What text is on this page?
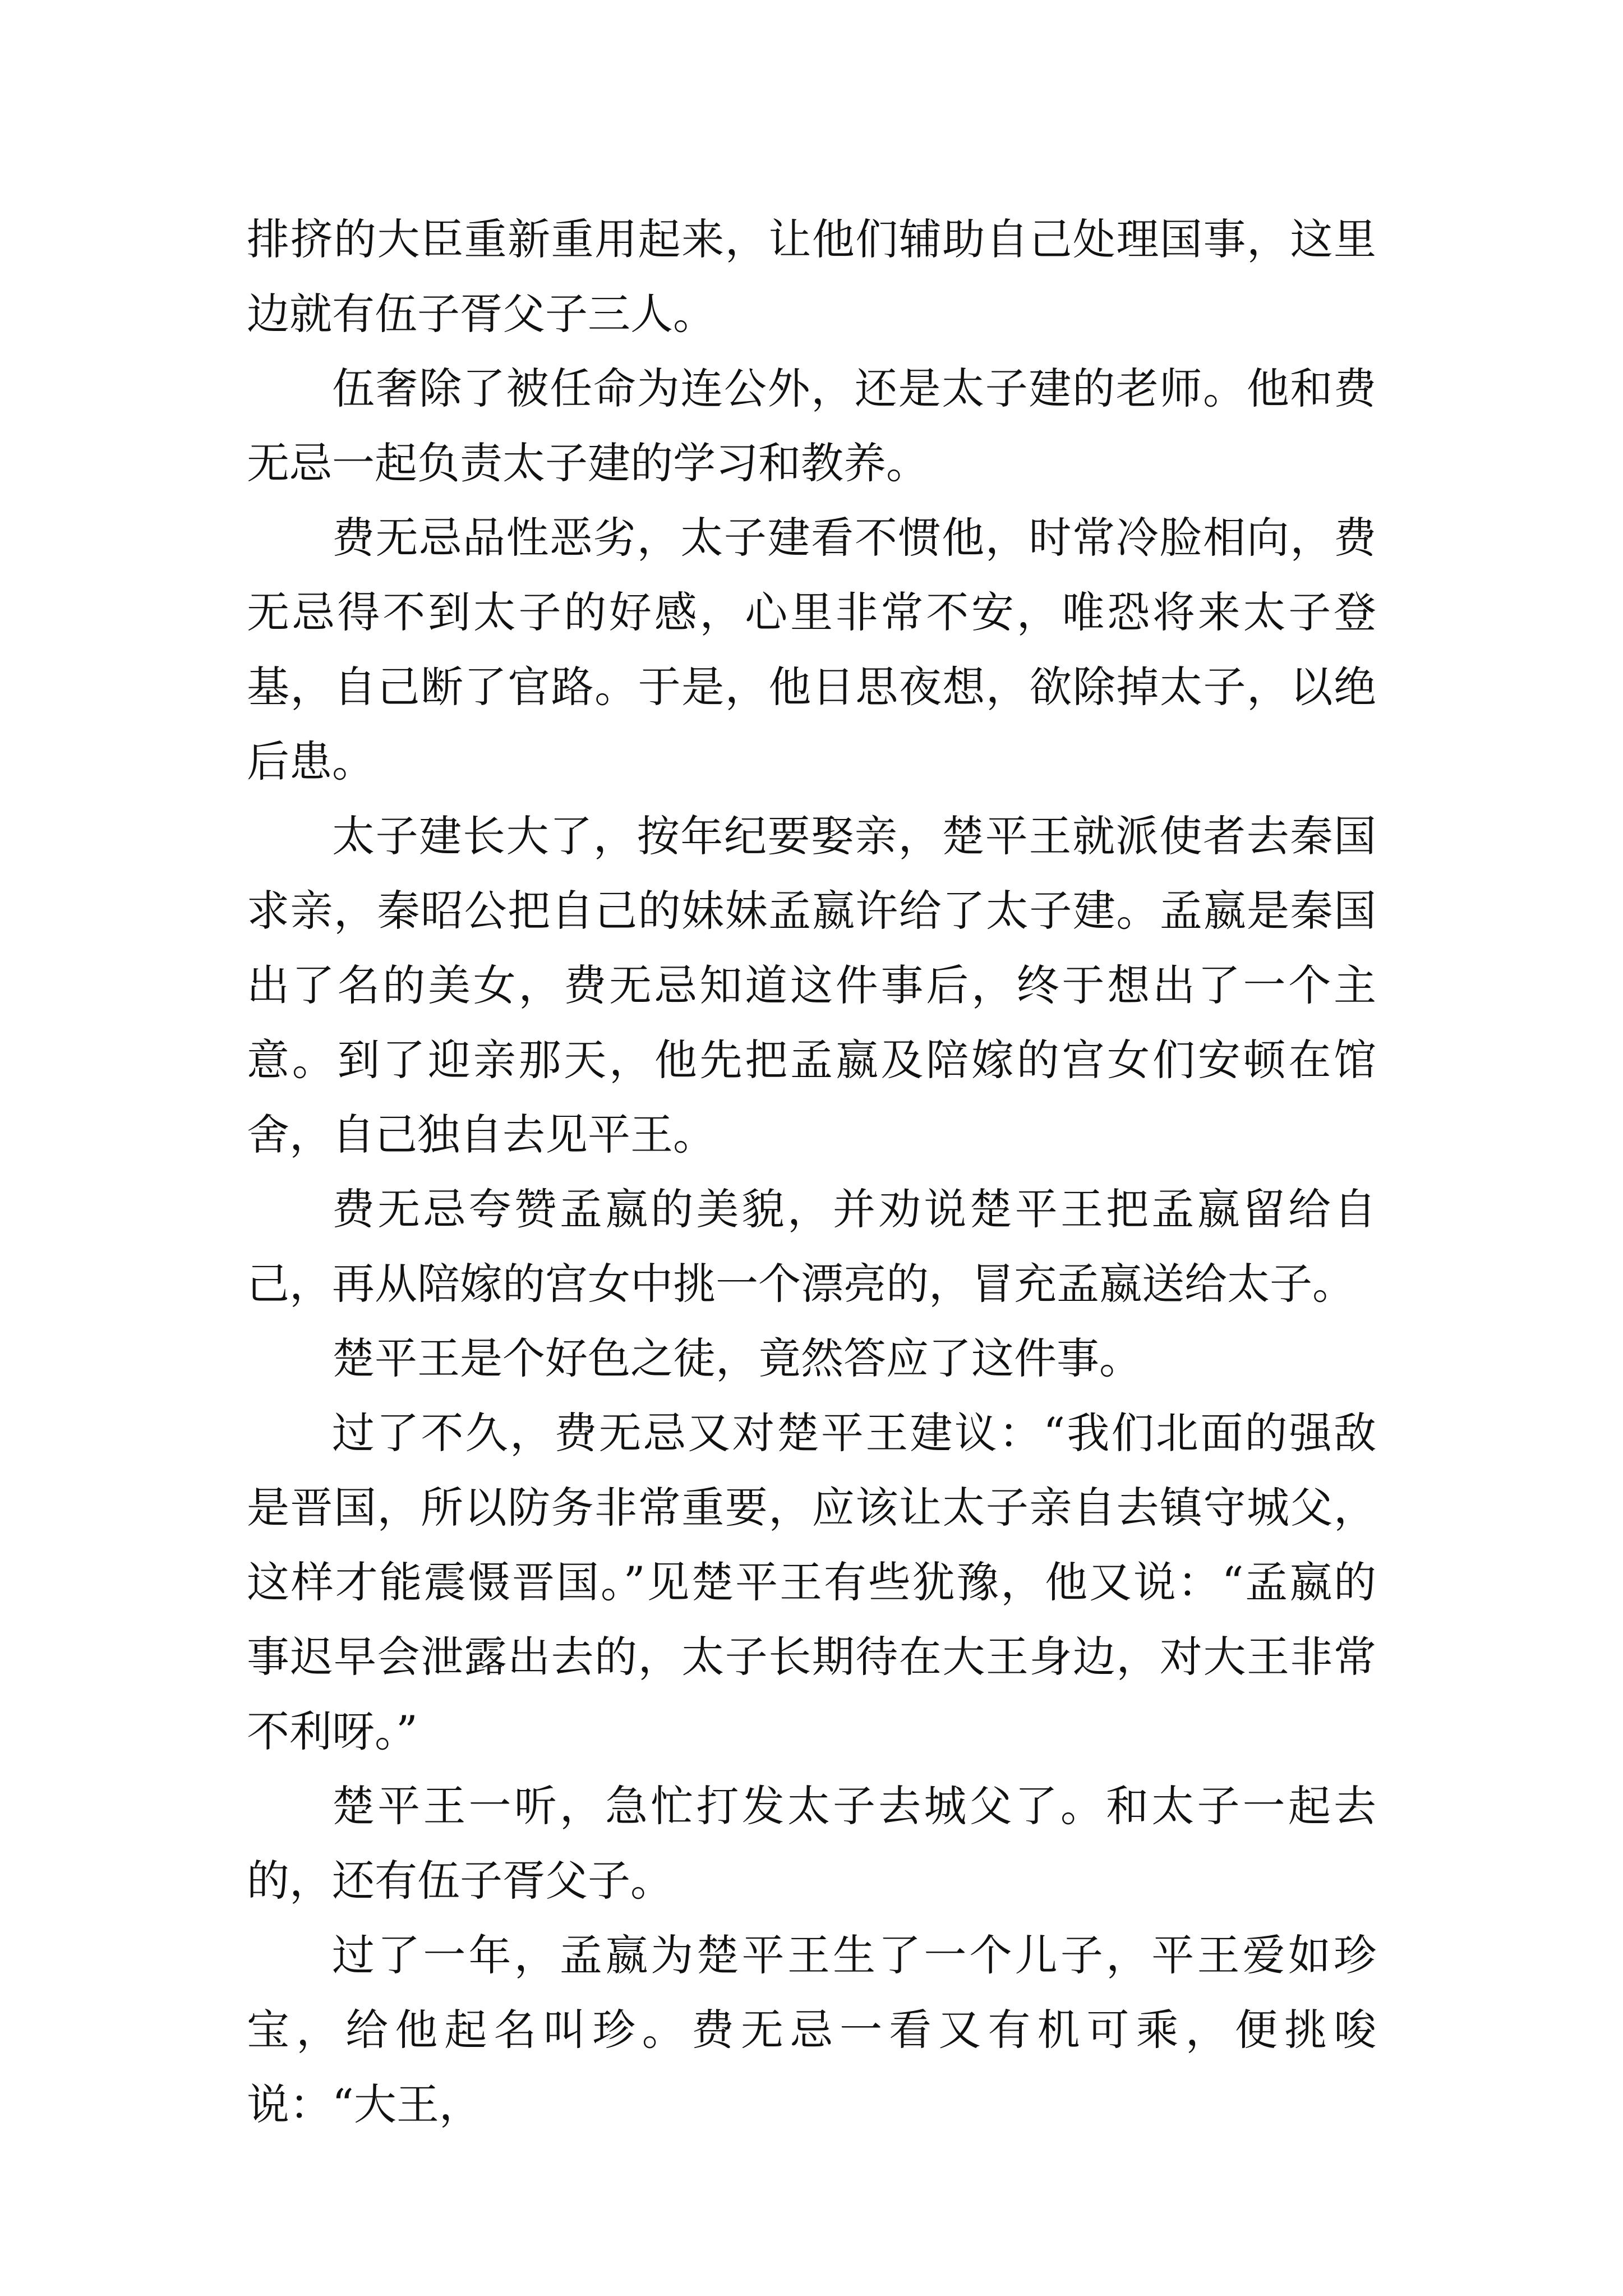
排挤的大臣重新重用起来，让他们辅助自己处理国事，这里边就有伍子胥父子三人。

伍奢除了被任命为连公外，还是太子建的老师。他和费无忌一起负责太子建的学习和教养。

费无忌品性恶劣，太子建看不惯他，时常冷脸相向，费无忌得不到太子的好感，心里非常不安，唯恐将来太子登基，自己断了官路。于是，他日思夜想，欲除掉太子，以绝后患。

太子建长大了，按年纪要娶亲，楚平王就派使者去秦国求亲，秦昭公把自己的妹妹孟嬴许给了太子建。孟嬴是秦国出了名的美女，费无忌知道这件事后，终于想出了一个主意。到了迎亲那天，他先把孟嬴及陪嫁的宫女们安顿在馆舍，自己独自去见平王。

费无忌夸赞孟嬴的美貌，并劝说楚平王把孟嬴留给自己，再从陪嫁的宫女中挑一个漂亮的，冒充孟嬴送给太子。

楚平王是个好色之徒，竟然答应了这件事。

过了不久，费无忌又对楚平王建议：“我们北面的强敌是晋国，所以防务非常重要，应该让太子亲自去镇守城父，这样才能震慑晋国。”见楚平王有些犹豫，他又说：“孟嬴的事迟早会泄露出去的，太子长期待在大王身边，对大王非常不利呀。”

楚平王一听，急忙打发太子去城父了。和太子一起去的，还有伍子胥父子。

过了一年，孟嬴为楚平王生了一个儿子，平王爱如珍宝，给他起名叫珍。费无忌一看又有机可乘，便挑唆说：“大王，
